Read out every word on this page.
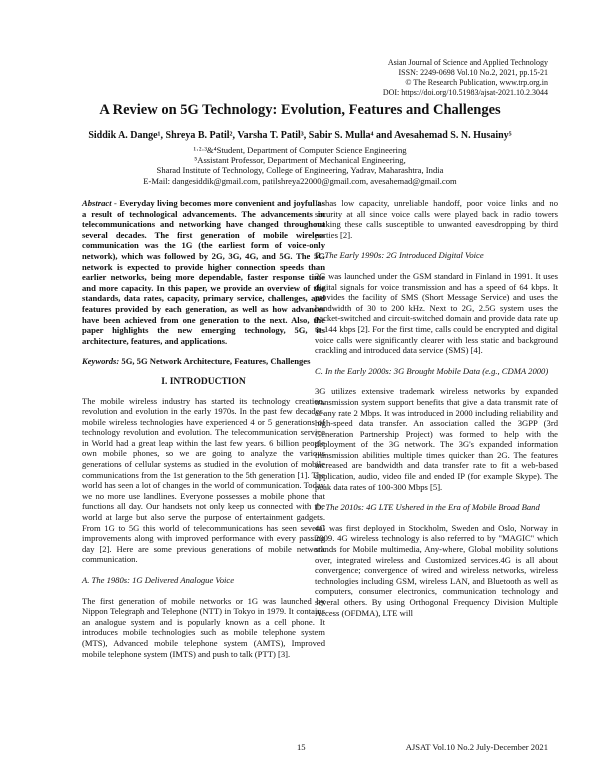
Asian Journal of Science and Applied Technology
ISSN: 2249-0698 Vol.10 No.2, 2021, pp.15-21
© The Research Publication, www.trp.org.in
DOI: https://doi.org/10.51983/ajsat-2021.10.2.3044
A Review on 5G Technology: Evolution, Features and Challenges
Siddik A. Dange¹, Shreya B. Patil², Varsha T. Patil³, Sabir S. Mulla⁴ and Avesahemad S. N. Husainy⁵
¹·²·³&⁴Student, Department of Computer Science Engineering
⁵Assistant Professor, Department of Mechanical Engineering,
Sharad Institute of Technology, College of Engineering, Yadrav, Maharashtra, India
E-Mail: dangesiddik@gmail.com, patilshreya22000@gmail.com, avesahemad@gmail.com

Abstract - Everyday living becomes more convenient and joyful as a result of technological advancements. The advancements in telecommunications and networking have changed throughout several decades. The first generation of mobile wireless communication was the 1G (the earliest form of voice-only network), which was followed by 2G, 3G, 4G, and 5G. The 5G network is expected to provide higher connection speeds than earlier networks, being more dependable, faster response time and more capacity. In this paper, we provide an overview of the standards, data rates, capacity, primary service, challenges, and features provided by each generation, as well as how advances have been achieved from one generation to the next. Also, the paper highlights the new emerging technology, 5G, its architecture, features, and applications.

Keywords: 5G, 5G Network Architecture, Features, Challenges

I. INTRODUCTION

The mobile wireless industry has started its technology creation, revolution and evolution in the early 1970s. In the past few decades, mobile wireless technologies have experienced 4 or 5 generations of technology revolution and evolution. The telecommunication service in World had a great leap within the last few years. 6 billion people own mobile phones, so we are going to analyze the various generations of cellular systems as studied in the evolution of mobile communications from the 1st generation to the 5th generation [1]. The world has seen a lot of changes in the world of communication. Today we no more use landlines. Everyone possesses a mobile phone that functions all day. Our handsets not only keep us connected with the world at large but also serve the purpose of entertainment gadgets. From 1G to 5G this world of telecommunications has seen several improvements along with improved performance with every passing day [2]. Here are some previous generations of mobile network communication.

A. The 1980s: 1G Delivered Analogue Voice

The first generation of mobile networks or 1G was launched by Nippon Telegraph and Telephone (NTT) in Tokyo in 1979. It contains an analogue system and is popularly known as a cell phone. It introduces mobile technologies such as mobile telephone system (MTS), Advanced mobile telephone system (AMTS), Improved mobile telephone system (IMTS) and push to talk (PTT) [3].

It has low capacity, unreliable handoff, poor voice links and no security at all since voice calls were played back in radio towers making these calls susceptible to unwanted eavesdropping by third parties [2].

B. The Early 1990s: 2G Introduced Digital Voice

2G was launched under the GSM standard in Finland in 1991. It uses digital signals for voice transmission and has a speed of 64 kbps. It provides the facility of SMS (Short Message Service) and uses the bandwidth of 30 to 200 kHz. Next to 2G, 2.5G system uses the packet-switched and circuit-switched domain and provide data rate up to 144 kbps [2]. For the first time, calls could be encrypted and digital voice calls were significantly clearer with less static and background crackling and introduced data service (SMS) [4].

C. In the Early 2000s: 3G Brought Mobile Data (e.g., CDMA 2000)

3G utilizes extensive trademark wireless networks by expanded transmission system support benefits that give a data transmit rate of at any rate 2 Mbps. It was introduced in 2000 including reliability and high-speed data transfer. An association called the 3GPP (3rd Generation Partnership Project) was formed to help with the deployment of the 3G network. The 3G's expanded information transmission abilities multiple times quicker than 2G. The features increased are bandwidth and data transfer rate to fit a web-based application, audio, video file and ended IP (for example Skype). The peak data rates of 100-300 Mbps [5].

D. The 2010s: 4G LTE Ushered in the Era of Mobile Broad Band

4G was first deployed in Stockholm, Sweden and Oslo, Norway in 2009. 4G wireless technology is also referred to by "MAGIC" which stands for Mobile multimedia, Any-where, Global mobility solutions over, integrated wireless and Customized services.4G is all about convergence; convergence of wired and wireless networks, wireless technologies including GSM, wireless LAN, and Bluetooth as well as computers, consumer electronics, communication technology and several others. By using Orthogonal Frequency Division Multiple Access (OFDMA), LTE will

15	AJSAT Vol.10 No.2 July-December 2021
